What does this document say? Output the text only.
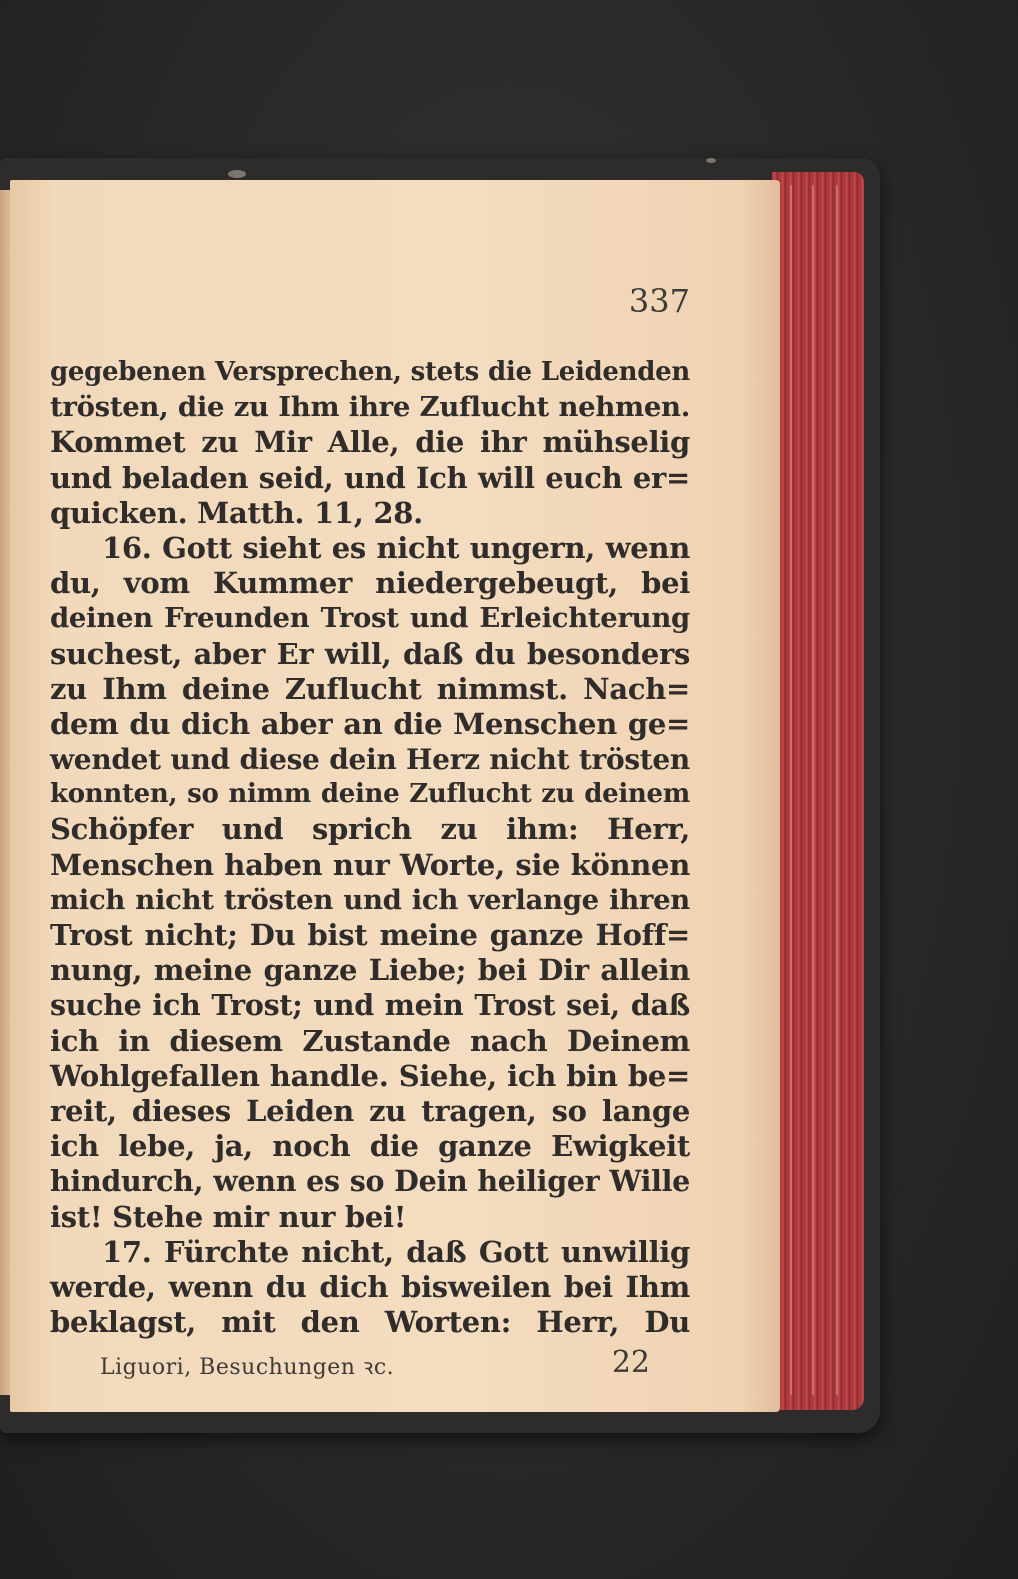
337
gegebenen Versprechen, stets die Leidenden
trösten, die zu Ihm ihre Zuflucht nehmen.
Kommet zu Mir Alle, die ihr mühselig
und beladen seid, und Ich will euch er=
quicken. Matth. 11, 28.
16. Gott sieht es nicht ungern, wenn
du, vom Kummer niedergebeugt, bei
deinen Freunden Trost und Erleichterung
suchest, aber Er will, daß du besonders
zu Ihm deine Zuflucht nimmst. Nach=
dem du dich aber an die Menschen ge=
wendet und diese dein Herz nicht trösten
konnten, so nimm deine Zuflucht zu deinem
Schöpfer und sprich zu ihm: Herr,
Menschen haben nur Worte, sie können
mich nicht trösten und ich verlange ihren
Trost nicht; Du bist meine ganze Hoff=
nung, meine ganze Liebe; bei Dir allein
suche ich Trost; und mein Trost sei, daß
ich in diesem Zustande nach Deinem
Wohlgefallen handle. Siehe, ich bin be=
reit, dieses Leiden zu tragen, so lange
ich lebe, ja, noch die ganze Ewigkeit
hindurch, wenn es so Dein heiliger Wille
ist! Stehe mir nur bei!
17. Fürchte nicht, daß Gott unwillig
werde, wenn du dich bisweilen bei Ihm
beklagst, mit den Worten: Herr, Du
Liguori, Besuchungen ꝛc.	22
